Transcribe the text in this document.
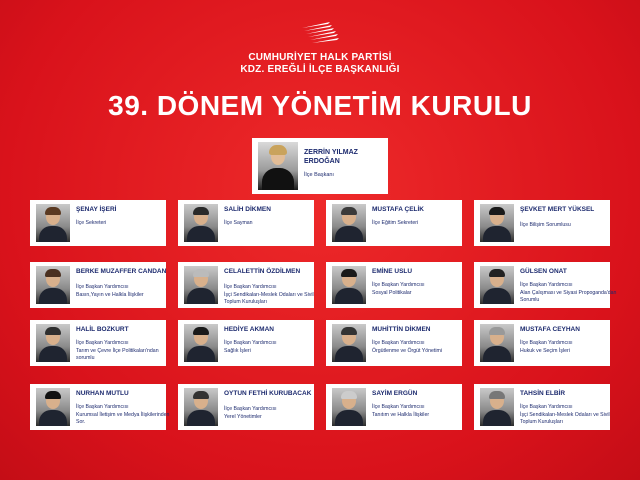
CUMHURİYET HALK PARTİSİ
KDZ. EREĞLİ İLÇE BAŞKANLIĞI
39. DÖNEM YÖNETİM KURULU
ZERRİN YILMAZ ERDOĞAN
İlçe Başkanı
ŞENAY İŞERİ
İlçe Sekreteri
SALİH DİKMEN
İlçe Sayman
MUSTAFA ÇELİK
İlçe Eğitim Sekreteri
ŞEVKET MERT YÜKSEL
İlçe Bilişim Sorumlusu
BERKE MUZAFFER CANDAN
İlçe Başkan Yardımcısı
Basın,Yayın ve Halkla İlişkiler
CELALETTİN ÖZDİLMEN
İlçe Başkan Yardımcısı
İşçi Sendikaları-Meslek Odaları ve Sivil Toplum Kuruluşları
EMİNE USLU
İlçe Başkan Yardımcısı
Sosyal Politikalar
GÜLSEN ONAT
İlçe Başkan Yardımcısı
Alan Çalışması ve Siyasi Propoganda'dan Sorumlu
HALİL BOZKURT
İlçe Başkan Yardımcısı
Tarım ve Çevre İlçe Politikaları'ndan sorumlu
HEDİYE AKMAN
İlçe Başkan Yardımcısı
Sağlık İşleri
MUHİTTİN DİKMEN
İlçe Başkan Yardımcısı
Örgütlenme ve Örgüt Yönetimi
MUSTAFA CEYHAN
İlçe Başkan Yardımcısı
Hukuk ve Seçim İşleri
NURHAN MUTLU
İlçe Başkan Yardımcısı
Kurumsal İletişim ve Medya İlişkilerinden Sor.
OYTUN FETHİ KURUBACAK
İlçe Başkan Yardımcısı
Yerel Yönetimler
SAYİM ERGÜN
İlçe Başkan Yardımcısı
Tanıtım ve Halkla İlişkiler
TAHSİN ELBİR
İlçe Başkan Yardımcısı
İşçi Sendikaları-Meslek Odaları ve Sivil Toplum Kuruluşları
